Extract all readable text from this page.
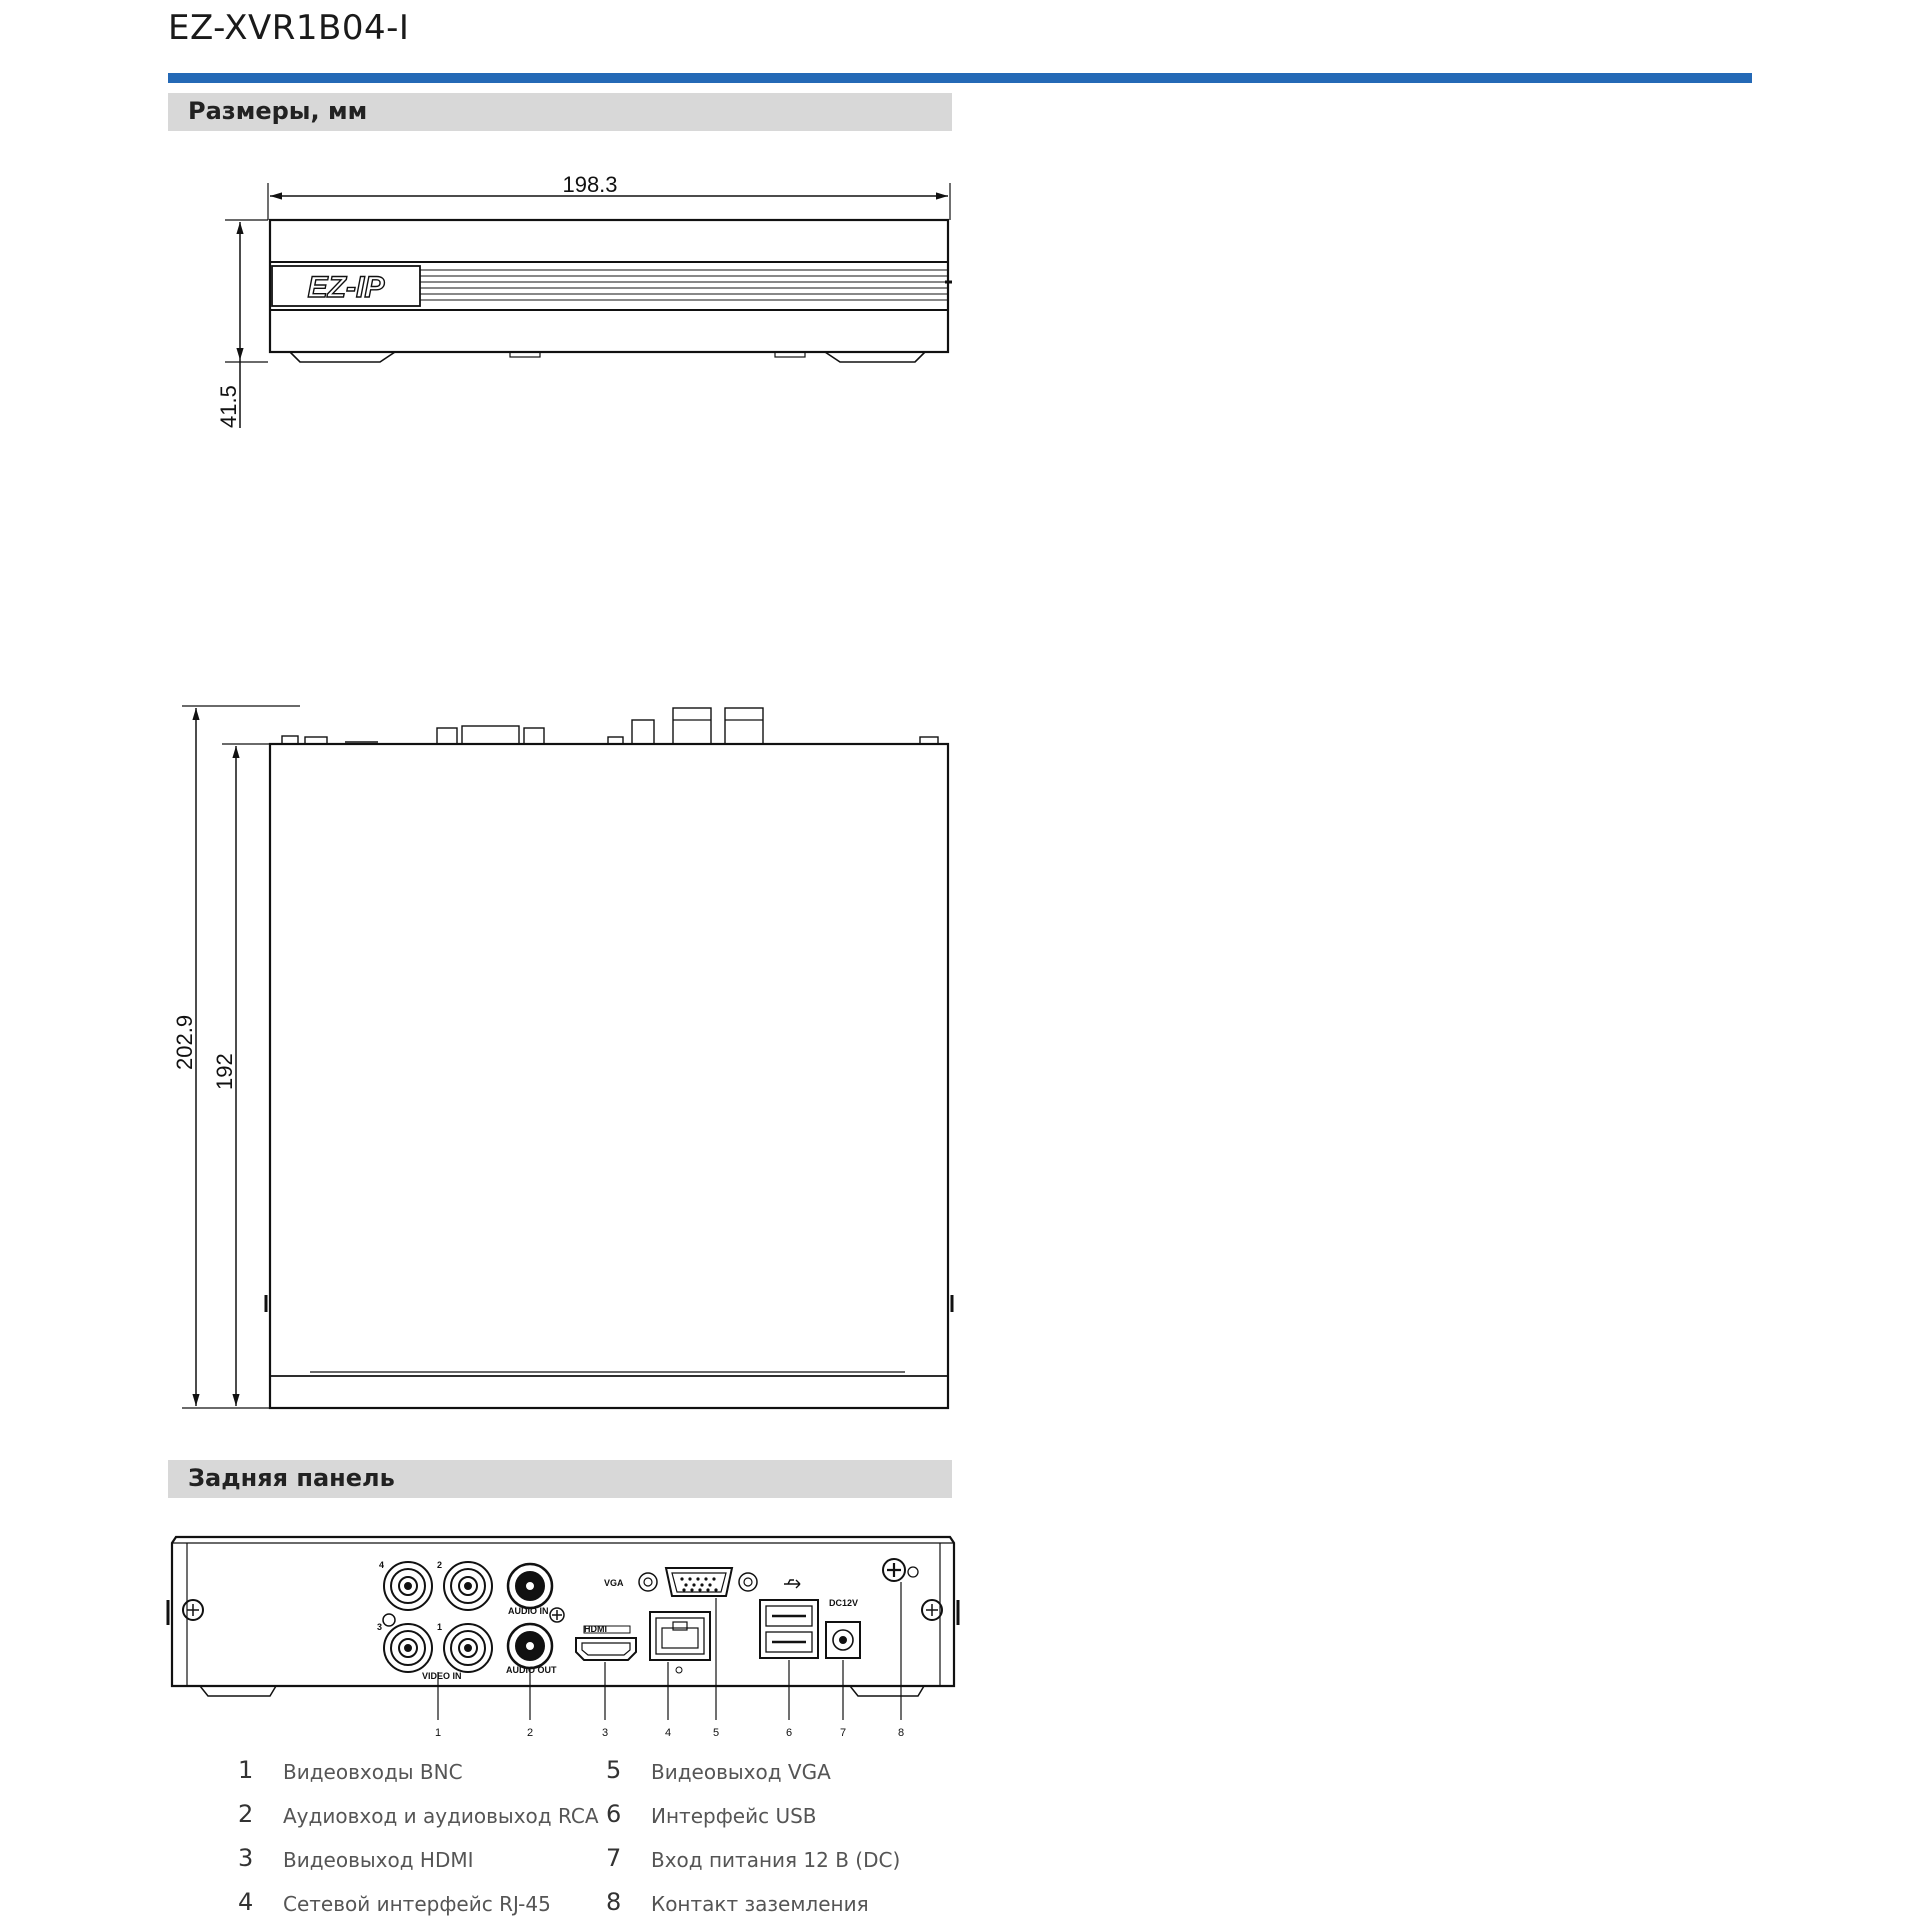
EZ-XVR1B04-I
Размеры, мм
Задняя панель
198.3
41.5
EZ-IP
202.9
192
4	2
3	1
VIDEO IN
AUDIO IN
AUDIO OUT
HDMI
VGA
DC12V
1	2	3	4	5	6	7	8
1 Видеовходы BNC
2 Аудиовход и аудиовыход RCA
3 Видеовыход HDMI
4 Сетевой интерфейс RJ-45
5 Видеовыход VGA
6 Интерфейс USB
7 Вход питания 12 В (DC)
8 Контакт заземления
